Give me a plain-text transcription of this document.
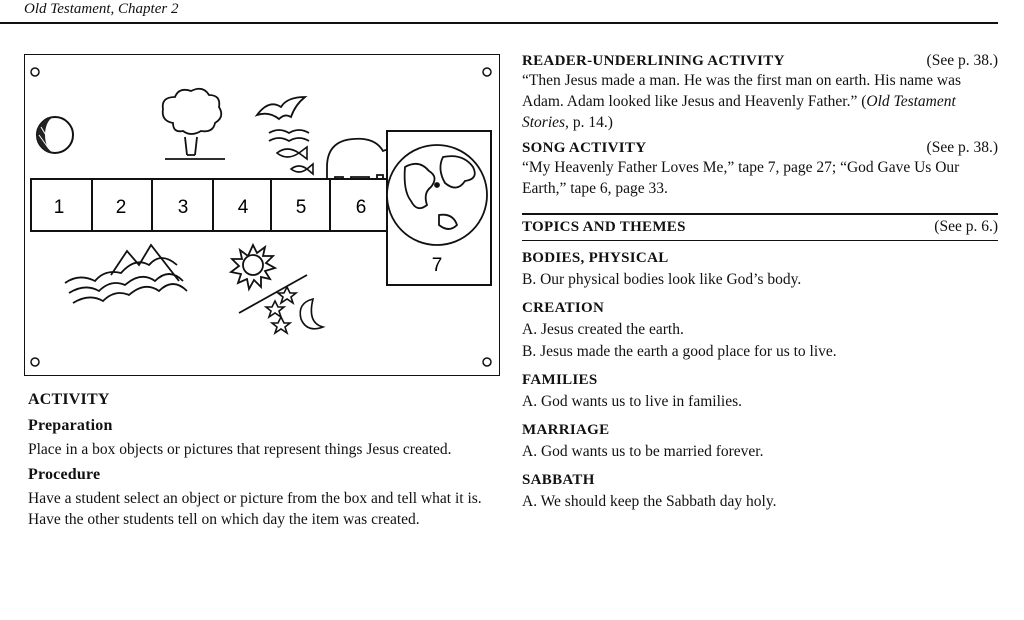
Old Testament, Chapter 2
1	2	3	4 5	6
7
ACTIVITY
Preparation
Place in a box objects or pictures that represent things Jesus created.
Procedure
Have a student select an object or picture from the box and tell what it is. Have the other students tell on which day the item was created.
READER-UNDERLINING ACTIVITY	(See p. 38.)
“Then Jesus made a man. He was the first man on earth. His name was Adam. Adam looked like Jesus and Heavenly Father.” (Old Testament Stories, p. 14.)
SONG ACTIVITY	(See p. 38.)
“My Heavenly Father Loves Me,” tape 7, page 27; “God Gave Us Our Earth,” tape 6, page 33.
TOPICS AND THEMES	(See p. 6.)
BODIES, PHYSICAL
B. Our physical bodies look like God’s body.
CREATION
A. Jesus created the earth.
B. Jesus made the earth a good place for us to live.
FAMILIES
A. God wants us to live in families.
MARRIAGE
A. God wants us to be married forever.
SABBATH
A. We should keep the Sabbath day holy.
